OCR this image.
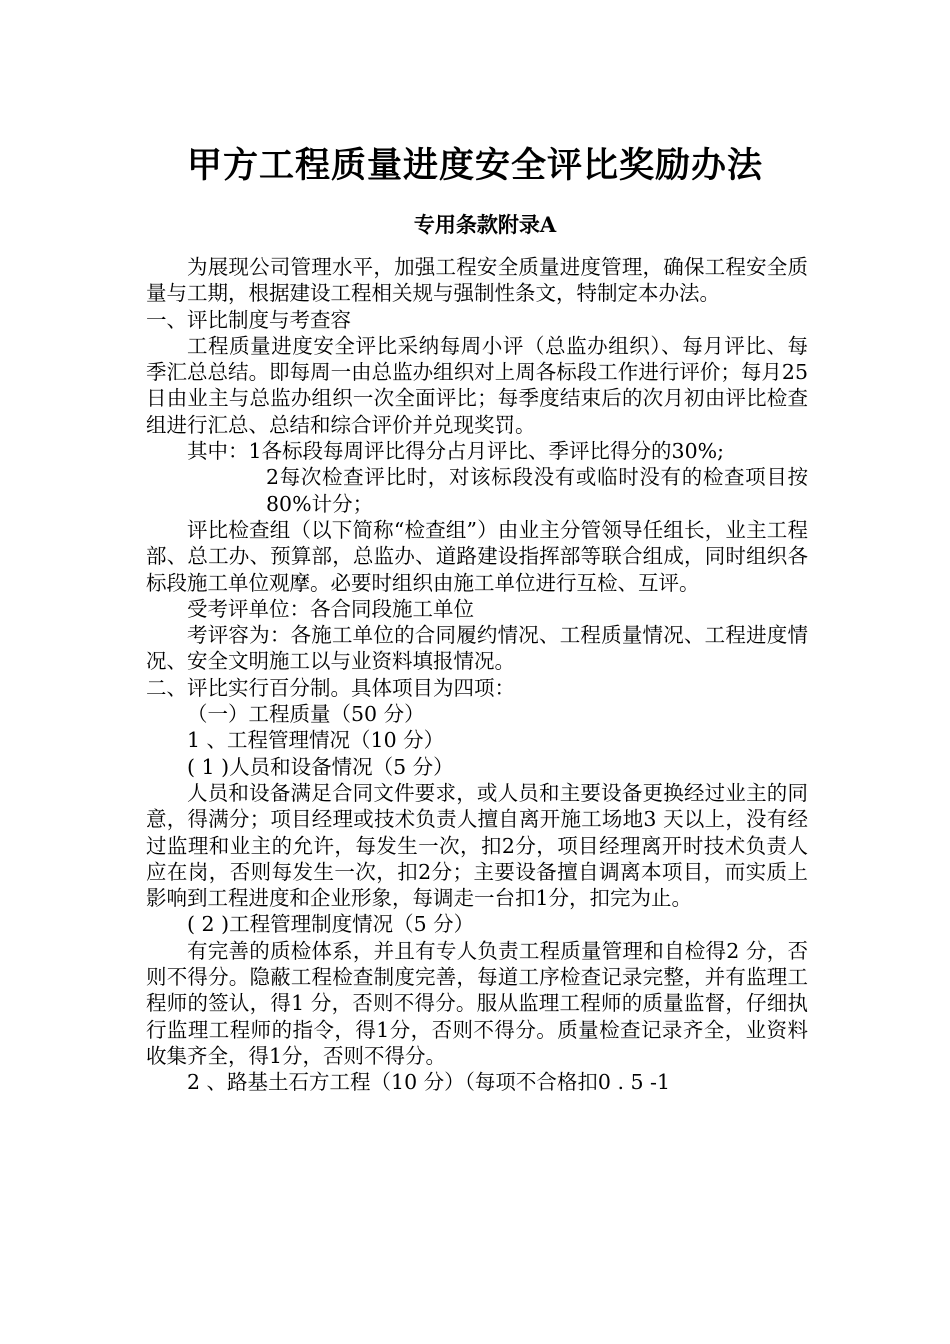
甲方工程质量进度安全评比奖励办法
专用条款附录A

为展现公司管理水平，加强工程安全质量进度管理，确保工程安全质量与工期，根据建设工程相关规与强制性条文，特制定本办法。

一、评比制度与考查容

工程质量进度安全评比采纳每周小评（总监办组织）、每月评比、每季汇总总结。即每周一由总监办组织对上周各标段工作进行评价；每月25日由业主与总监办组织一次全面评比；每季度结束后的次月初由评比检查组进行汇总、总结和综合评价并兑现奖罚。

其中：1各标段每周评比得分占月评比、季评比得分的30%;

2每次检查评比时，对该标段没有或临时没有的检查项目按80%计分；

评比检查组（以下简称“检查组”）由业主分管领导任组长，业主工程部、总工办、预算部，总监办、道路建设指挥部等联合组成，同时组织各标段施工单位观摩。必要时组织由施工单位进行互检、互评。

受考评单位：各合同段施工单位

考评容为：各施工单位的合同履约情况、工程质量情况、工程进度情况、安全文明施工以与业资料填报情况。

二、评比实行百分制。具体项目为四项：

（一）工程质量（50 分）

1 、工程管理情况（10 分）

( 1 )人员和设备情况（5 分）

人员和设备满足合同文件要求，或人员和主要设备更换经过业主的同意，得满分；项目经理或技术负责人擅自离开施工场地3 天以上，没有经过监理和业主的允许，每发生一次，扣2分，项目经理离开时技术负责人应在岗，否则每发生一次，扣2分；主要设备擅自调离本项目，而实质上影响到工程进度和企业形象，每调走一台扣1分，扣完为止。

( 2 )工程管理制度情况（5 分）

有完善的质检体系，并且有专人负责工程质量管理和自检得2 分，否则不得分。隐蔽工程检查制度完善，每道工序检查记录完整，并有监理工程师的签认，得1 分，否则不得分。服从监理工程师的质量监督，仔细执行监理工程师的指令，得1分，否则不得分。质量检查记录齐全，业资料收集齐全，得1分，否则不得分。

2 、路基土石方工程（10 分）（每项不合格扣0 . 5 -1
